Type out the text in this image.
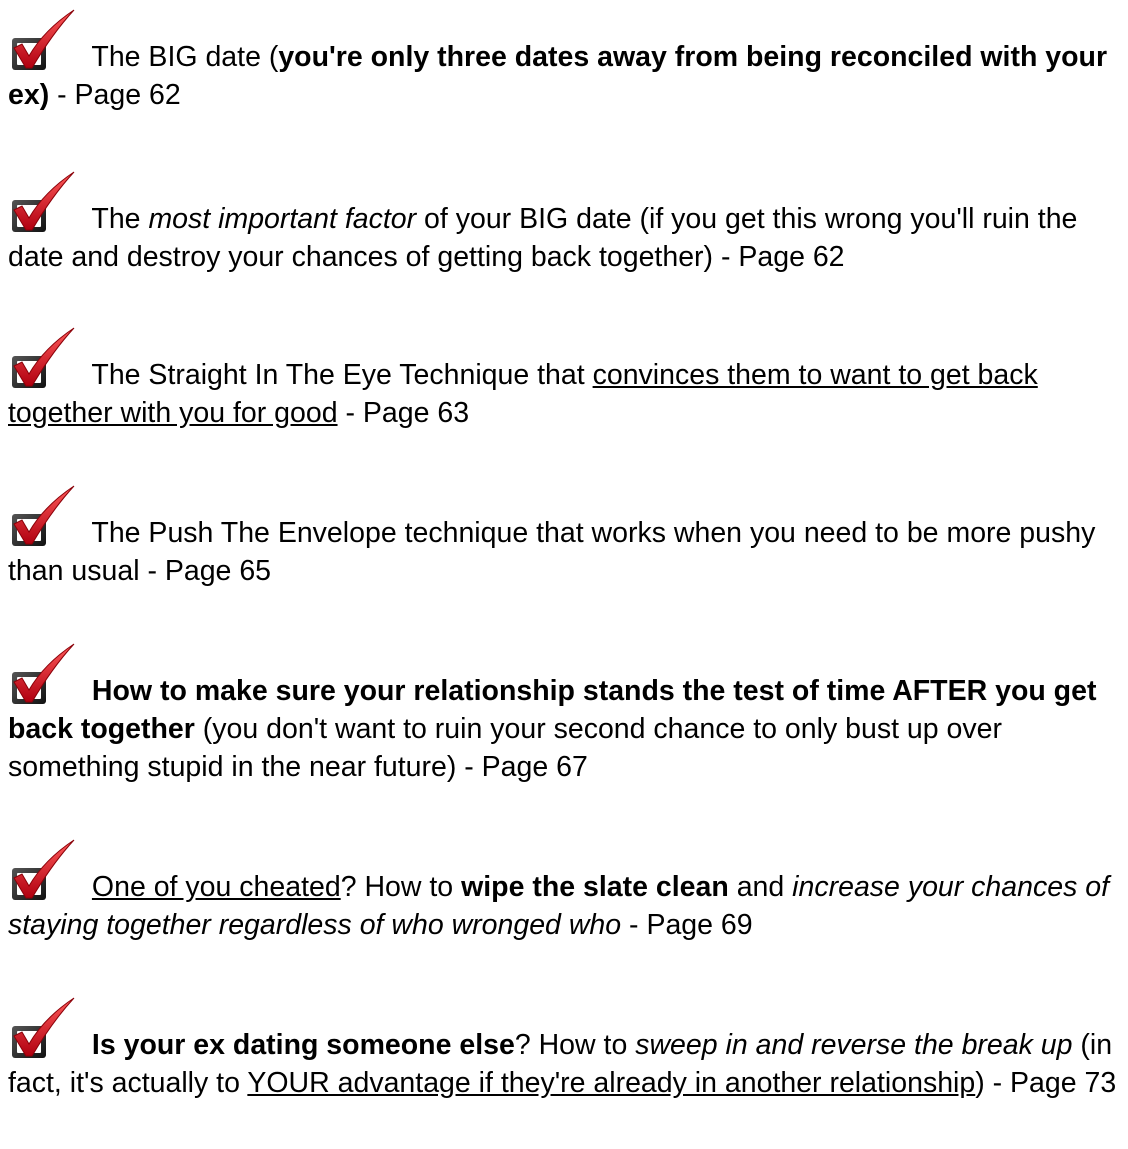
The BIG date (you're only three dates away from being reconciled with your ex) - Page 62

The most important factor of your BIG date (if you get this wrong you'll ruin the date and destroy your chances of getting back together) - Page 62

The Straight In The Eye Technique that convinces them to want to get back together with you for good - Page 63

The Push The Envelope technique that works when you need to be more pushy than usual - Page 65

How to make sure your relationship stands the test of time AFTER you get back together (you don't want to ruin your second chance to only bust up over something stupid in the near future) - Page 67

One of you cheated? How to wipe the slate clean and increase your chances of staying together regardless of who wronged who - Page 69

Is your ex dating someone else? How to sweep in and reverse the break up (in fact, it's actually to YOUR advantage if they're already in another relationship) - Page 73
